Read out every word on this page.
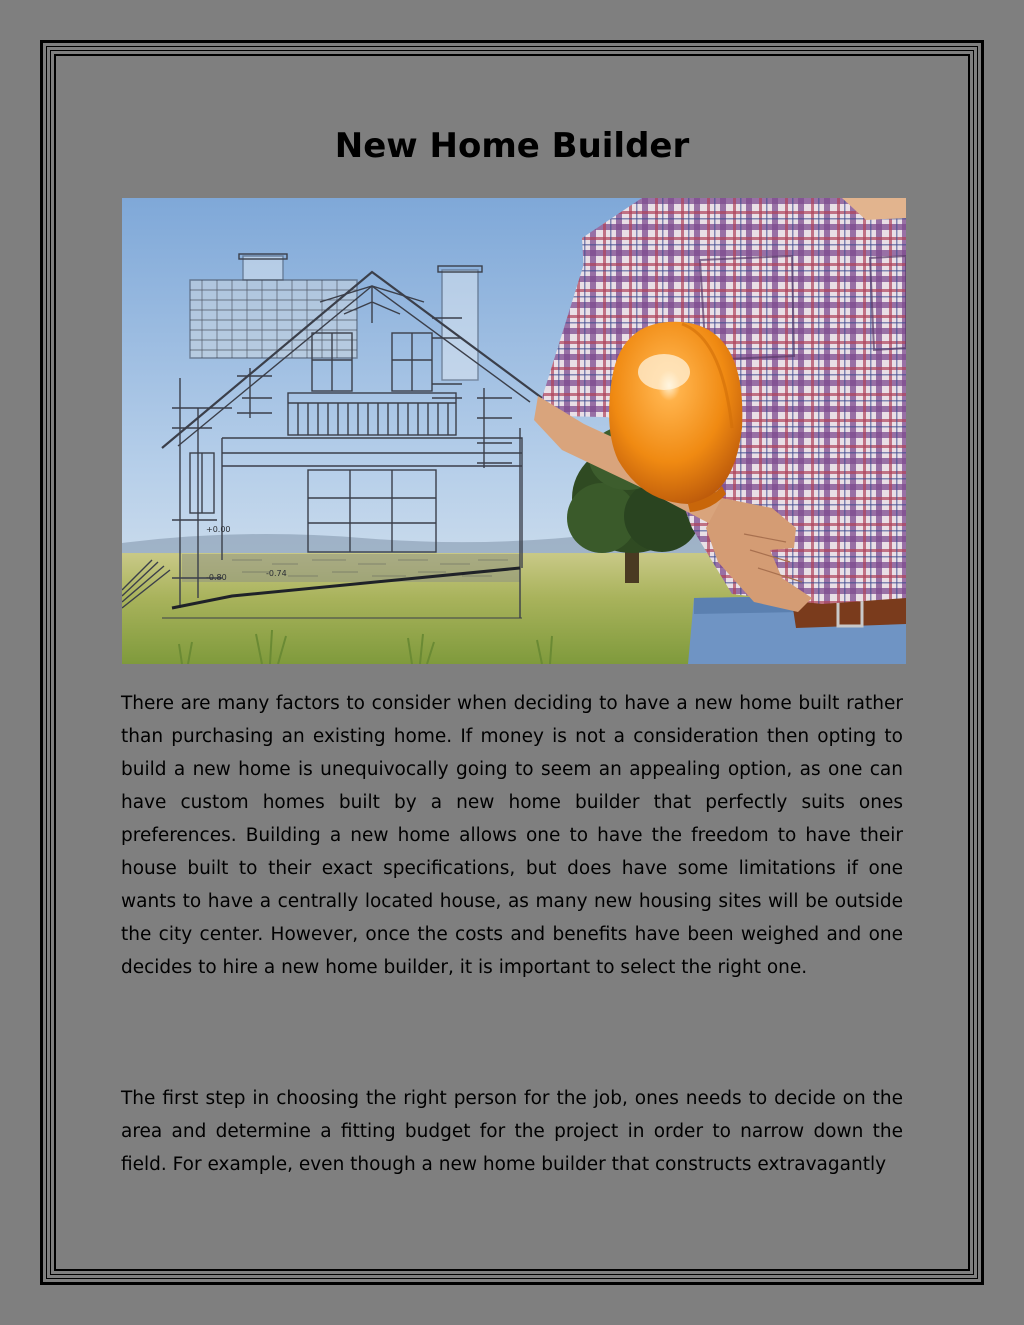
New Home Builder
+0.00
-0.80	-0.74

There are many factors to consider when deciding to have a new home built rather than purchasing an existing home. If money is not a consideration then opting to build a new home is unequivocally going to seem an appealing option, as one can have custom homes built by a new home builder that perfectly suits ones preferences. Building a new home allows one to have the freedom to have their house built to their exact specifications, but does have some limitations if one wants to have a centrally located house, as many new housing sites will be outside the city center. However, once the costs and benefits have been weighed and one decides to hire a new home builder, it is important to select the right one.

The first step in choosing the right person for the job, ones needs to decide on the area and determine a fitting budget for the project in order to narrow down the field. For example, even though a new home builder that constructs extravagantly
